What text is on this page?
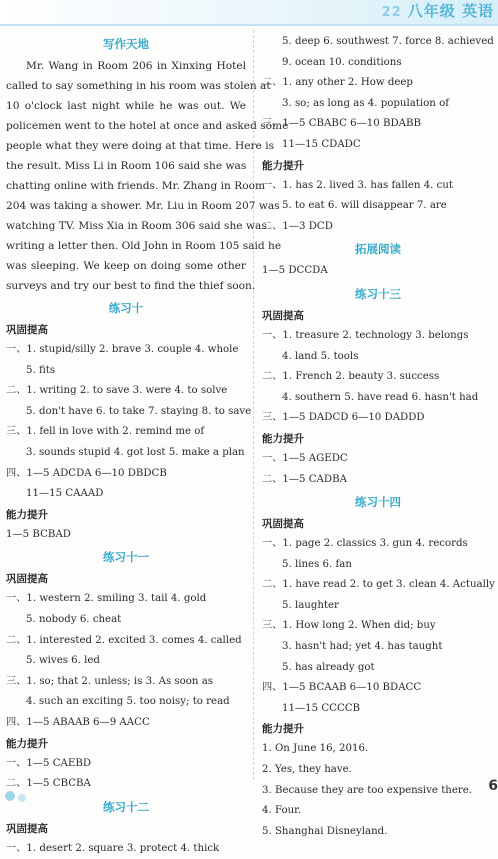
22 八年级 英语
写作天地
Mr. Wang in Room 206 in Xinxing Hotel
called to say something in his room was stolen at
10 o'clock last night while he was out. We
policemen went to the hotel at once and asked some
people what they were doing at that time. Here is
the result. Miss Li in Room 106 said she was
chatting online with friends. Mr. Zhang in Room
204 was taking a shower. Mr. Liu in Room 207 was
watching TV. Miss Xia in Room 306 said she was
writing a letter then. Old John in Room 105 said he
was sleeping. We keep on doing some other
surveys and try our best to find the thief soon.
练习十
巩固提高
一、1. stupid/silly 2. brave 3. couple 4. whole
5. fits
二、1. writing 2. to save 3. were 4. to solve
5. don't have 6. to take 7. staying 8. to save
三、1. fell in love with 2. remind me of
3. sounds stupid 4. got lost 5. make a plan
四、1—5 ADCDA 6—10 DBDCB
11—15 CAAAD
能力提升
1—5 BCBAD
练习十一
巩固提高
一、1. western 2. smiling 3. tail 4. gold
5. nobody 6. cheat
二、1. interested 2. excited 3. comes 4. called
5. wives 6. led
三、1. so; that 2. unless; is 3. As soon as
4. such an exciting 5. too noisy; to read
四、1—5 ABAAB 6—9 AACC
能力提升
一、1—5 CAEBD
二、1—5 CBCBA
练习十二
巩固提高
一、1. desert 2. square 3. protect 4. thick
5. deep 6. southwest 7. force 8. achieved
9. ocean 10. conditions
二、1. any other 2. How deep
3. so; as long as 4. population of
三、1—5 CBABC 6—10 BDABB
11—15 CDADC
能力提升
一、1. has 2. lived 3. has fallen 4. cut
5. to eat 6. will disappear 7. are
二、1—3 DCD
拓展阅读
1—5 DCCDA
练习十三
巩固提高
一、1. treasure 2. technology 3. belongs
4. land 5. tools
二、1. French 2. beauty 3. success
4. southern 5. have read 6. hasn't had
三、1—5 DADCD 6—10 DADDD
能力提升
一、1—5 AGEDC
二、1—5 CADBA
练习十四
巩固提高
一、1. page 2. classics 3. gun 4. records
5. lines 6. fan
二、1. have read 2. to get 3. clean 4. Actually
5. laughter
三、1. How long 2. When did; buy
3. hasn't had; yet 4. has taught
5. has already got
四、1—5 BCAAB 6—10 BDACC
11—15 CCCCB
能力提升
1. On June 16, 2016.
2. Yes, they have.
3. Because they are too expensive there.
4. Four.
5. Shanghai Disneyland.
6
